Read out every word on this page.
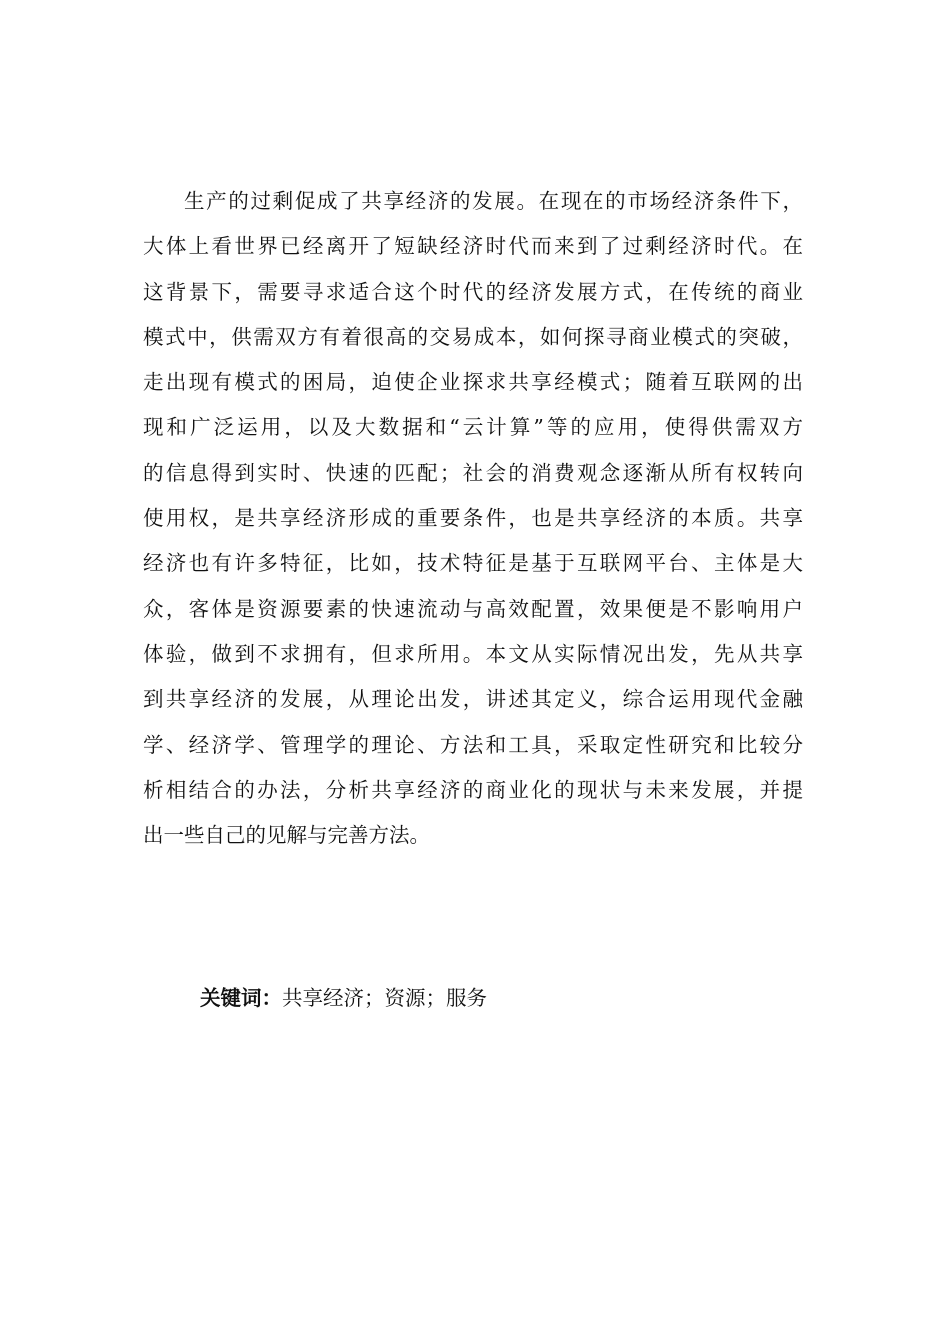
生产的过剩促成了共享经济的发展。在现在的市场经济条件下，
大体上看世界已经离开了短缺经济时代而来到了过剩经济时代。在
这背景下，需要寻求适合这个时代的经济发展方式，在传统的商业
模式中，供需双方有着很高的交易成本，如何探寻商业模式的突破，
走出现有模式的困局，迫使企业探求共享经模式；随着互联网的出
现和广泛运用，以及大数据和“云计算”等的应用，使得供需双方
的信息得到实时、快速的匹配；社会的消费观念逐渐从所有权转向
使用权，是共享经济形成的重要条件，也是共享经济的本质。共享
经济也有许多特征，比如，技术特征是基于互联网平台、主体是大
众，客体是资源要素的快速流动与高效配置，效果便是不影响用户
体验，做到不求拥有，但求所用。本文从实际情况出发，先从共享
到共享经济的发展，从理论出发，讲述其定义，综合运用现代金融
学、经济学、管理学的理论、方法和工具，采取定性研究和比较分
析相结合的办法，分析共享经济的商业化的现状与未来发展，并提
出一些自己的见解与完善方法。
关键词：共享经济；资源；服务
